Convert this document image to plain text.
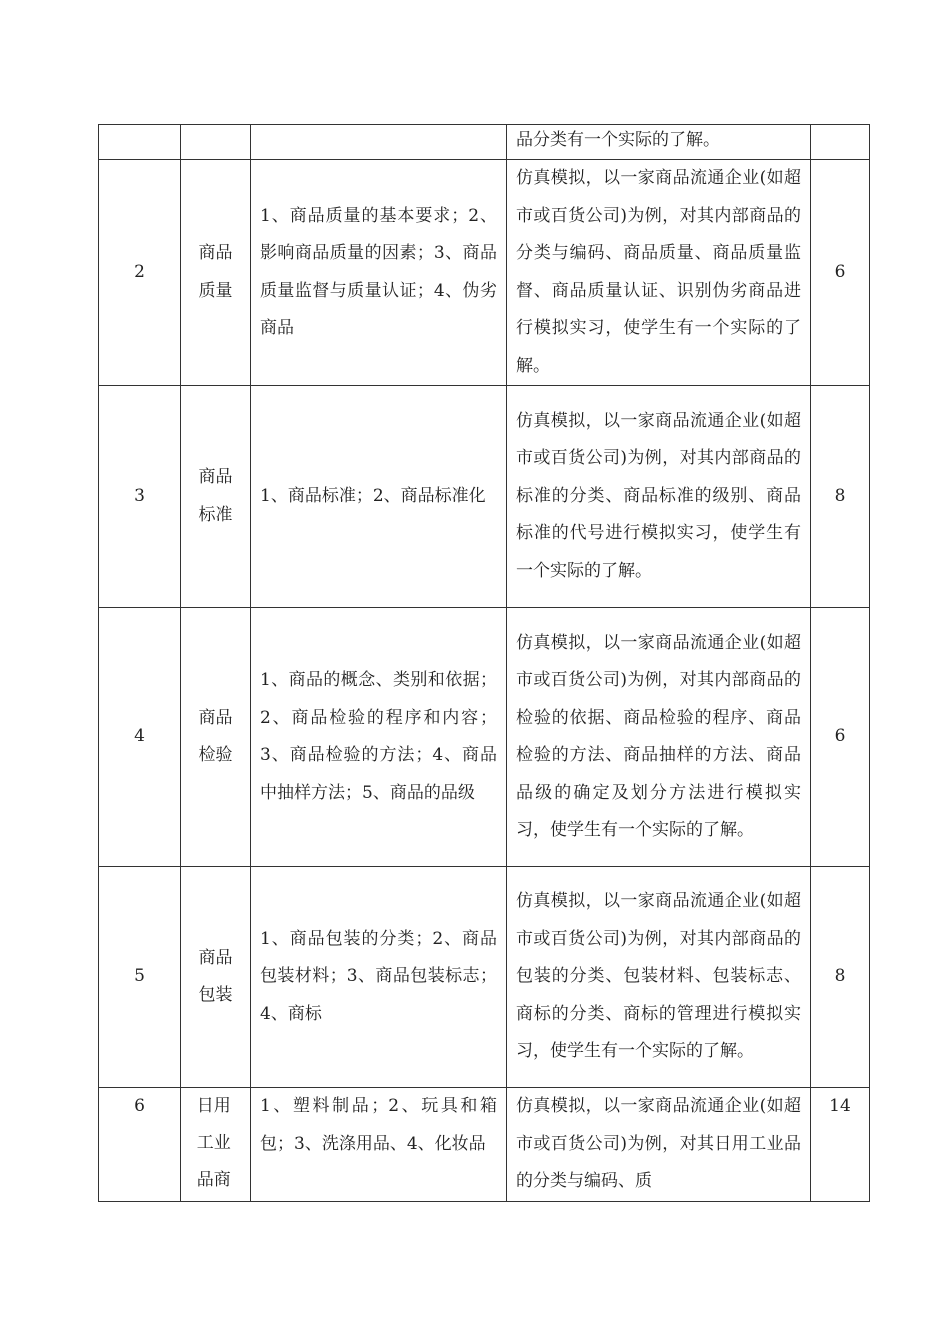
			品分类有一个实际的了解。	
2	商品质量	1、商品质量的基本要求；2、影响商品质量的因素；3、商品质量监督与质量认证；4、伪劣商品	仿真模拟，以一家商品流通企业(如超市或百货公司)为例，对其内部商品的分类与编码、商品质量、商品质量监督、商品质量认证、识别伪劣商品进行模拟实习，使学生有一个实际的了解。	6
3	商品标准	1、商品标准；2、商品标准化	仿真模拟，以一家商品流通企业(如超市或百货公司)为例，对其内部商品的标准的分类、商品标准的级别、商品标准的代号进行模拟实习，使学生有一个实际的了解。	8
4	商品检验	1、商品的概念、类别和依据；2、商品检验的程序和内容；3、商品检验的方法；4、商品中抽样方法；5、商品的品级	仿真模拟，以一家商品流通企业(如超市或百货公司)为例，对其内部商品的检验的依据、商品检验的程序、商品检验的方法、商品抽样的方法、商品品级的确定及划分方法进行模拟实习，使学生有一个实际的了解。	6
5	商品包装	1、商品包装的分类；2、商品包装材料；3、商品包装标志；4、商标	仿真模拟，以一家商品流通企业(如超市或百货公司)为例，对其内部商品的包装的分类、包装材料、包装标志、商标的分类、商标的管理进行模拟实习，使学生有一个实际的了解。	8
6	日用工业品商	1、塑料制品；2、玩具和箱包；3、洗涤用品、4、化妆品	仿真模拟，以一家商品流通企业(如超市或百货公司)为例，对其日用工业品的分类与编码、质	14
